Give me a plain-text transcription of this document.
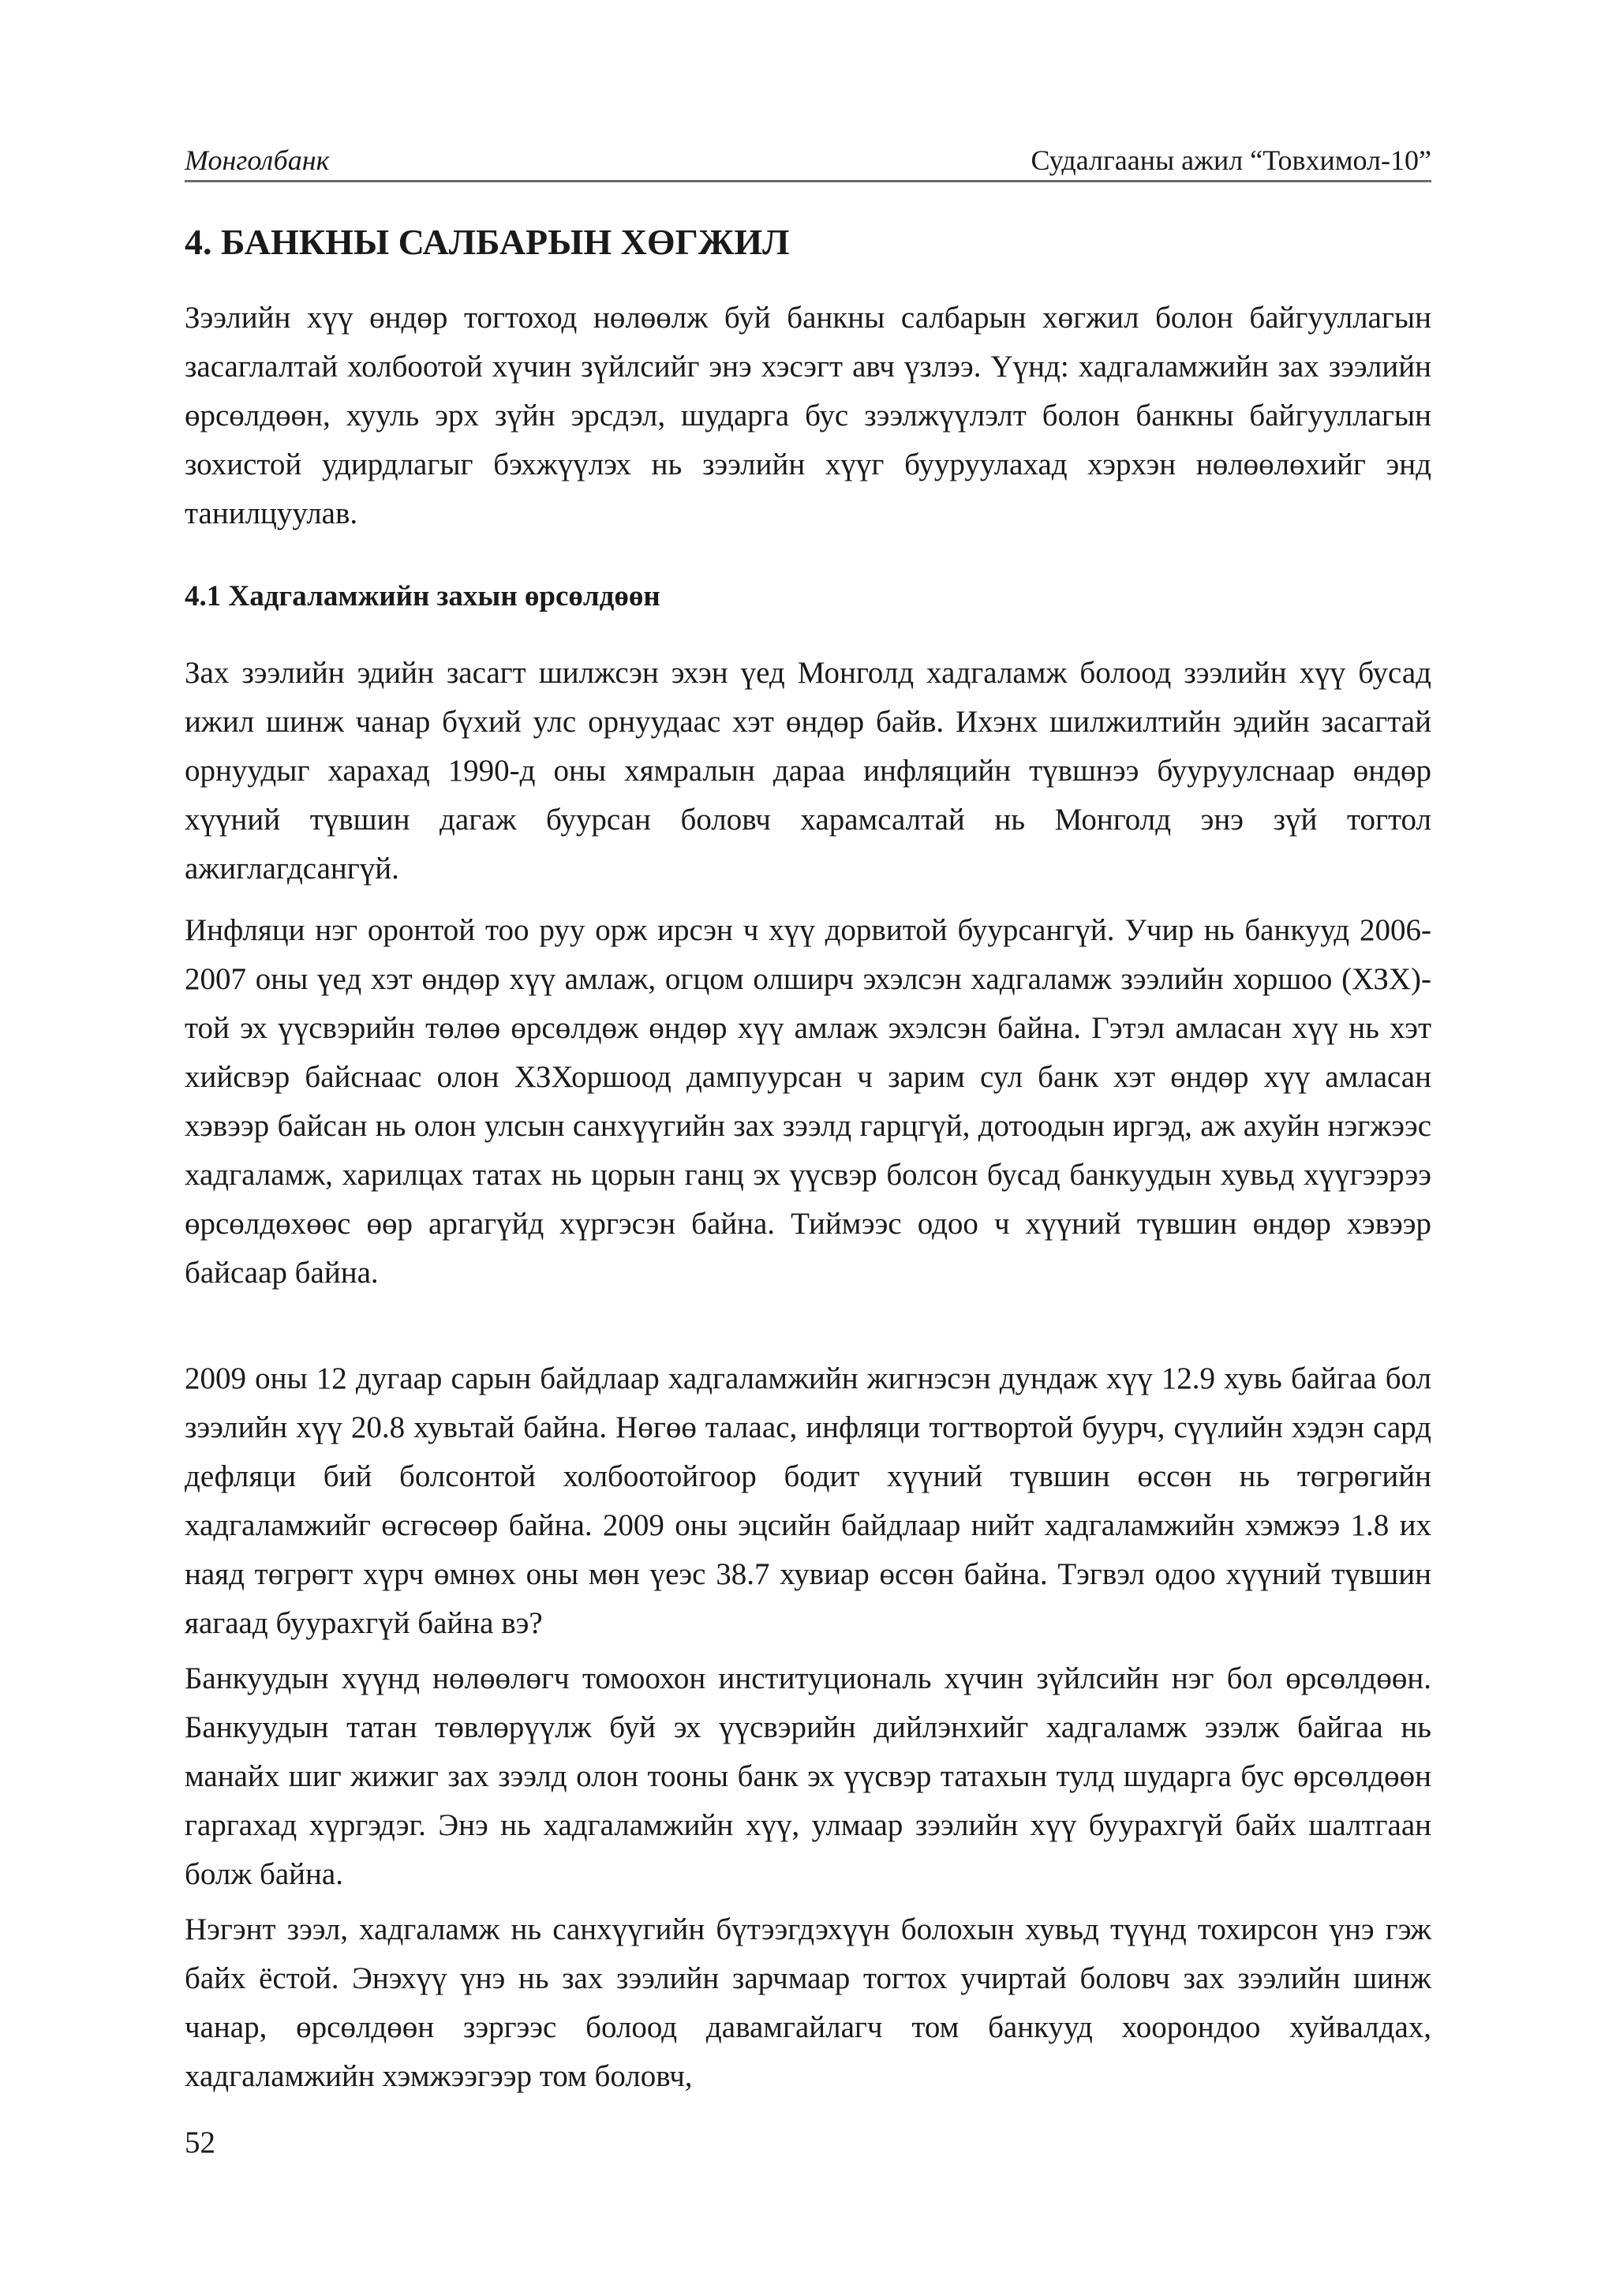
Монголбанк	Судалгааны ажил “Товхимол-10”
4. БАНКНЫ САЛБАРЫН ХӨГЖИЛ

Зээлийн хүү өндөр тогтоход нөлөөлж буй банкны салбарын хөгжил болон байгууллагын засаглалтай холбоотой хүчин зүйлсийг энэ хэсэгт авч үзлээ. Үүнд: хадгаламжийн зах зээлийн өрсөлдөөн, хууль эрх зүйн эрсдэл, шударга бус зээлжүүлэлт болон банкны байгууллагын зохистой удирдлагыг бэхжүүлэх нь зээлийн хүүг бууруулахад хэрхэн нөлөөлөхийг энд танилцуулав.

4.1 Хадгаламжийн захын өрсөлдөөн

Зах зээлийн эдийн засагт шилжсэн эхэн үед Монголд хадгаламж болоод зээлийн хүү бусад ижил шинж чанар бүхий улс орнуудаас хэт өндөр байв. Ихэнх шилжилтийн эдийн засагтай орнуудыг харахад 1990-д оны хямралын дараа инфляцийн түвшнээ бууруулснаар өндөр хүүний түвшин дагаж буурсан боловч харамсалтай нь Монголд энэ зүй тогтол ажиглагдсангүй.

Инфляци нэг оронтой тоо руу орж ирсэн ч хүү дорвитой буурсангүй. Учир нь банкууд 2006-2007 оны үед хэт өндөр хүү амлаж, огцом олширч эхэлсэн хадгаламж зээлийн хоршоо (ХЗХ)-той эх үүсвэрийн төлөө өрсөлдөж өндөр хүү амлаж эхэлсэн байна. Гэтэл амласан хүү нь хэт хийсвэр байснаас олон ХЗХоршоод дампуурсан ч зарим сул банк хэт өндөр хүү амласан хэвээр байсан нь олон улсын санхүүгийн зах зээлд гарцгүй, дотоодын иргэд, аж ахуйн нэгжээс хадгаламж, харилцах татах нь цорын ганц эх үүсвэр болсон бусад банкуудын хувьд хүүгээрээ өрсөлдөхөөс өөр аргагүйд хүргэсэн байна. Тиймээс одоо ч хүүний түвшин өндөр хэвээр байсаар байна.

2009 оны 12 дугаар сарын байдлаар хадгаламжийн жигнэсэн дундаж хүү 12.9 хувь байгаа бол зээлийн хүү 20.8 хувьтай байна. Нөгөө талаас, инфляци тогтвортой буурч, сүүлийн хэдэн сард дефляци бий болсонтой холбоотойгоор бодит хүүний түвшин өссөн нь төгрөгийн хадгаламжийг өсгөсөөр байна. 2009 оны эцсийн байдлаар нийт хадгаламжийн хэмжээ 1.8 их наяд төгрөгт хүрч өмнөх оны мөн үеэс 38.7 хувиар өссөн байна. Тэгвэл одоо хүүний түвшин яагаад буурахгүй байна вэ?

Банкуудын хүүнд нөлөөлөгч томоохон институциональ хүчин зүйлсийн нэг бол өрсөлдөөн. Банкуудын татан төвлөрүүлж буй эх үүсвэрийн дийлэнхийг хадгаламж эзэлж байгаа нь манайх шиг жижиг зах зээлд олон тооны банк эх үүсвэр татахын тулд шударга бус өрсөлдөөн гаргахад хүргэдэг. Энэ нь хадгаламжийн хүү, улмаар зээлийн хүү буурахгүй байх шалтгаан болж байна.

Нэгэнт зээл, хадгаламж нь санхүүгийн бүтээгдэхүүн болохын хувьд түүнд тохирсон үнэ гэж байх ёстой. Энэхүү үнэ нь зах зээлийн зарчмаар тогтох учиртай боловч зах зээлийн шинж чанар, өрсөлдөөн зэргээс болоод давамгайлагч том банкууд хоорондоо хуйвалдах, хадгаламжийн хэмжээгээр том боловч,

52
